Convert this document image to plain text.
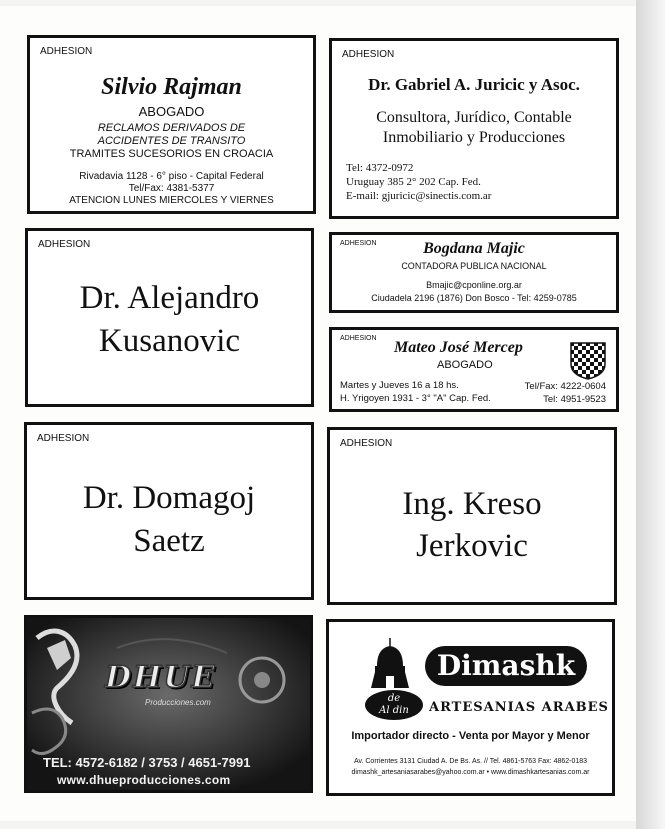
ADHESION
Silvio Rajman
ABOGADO
RECLAMOS DERIVADOS DE
ACCIDENTES DE TRANSITO
TRAMITES SUCESORIOS EN CROACIA
Rivadavia 1128 - 6° piso - Capital Federal
Tel/Fax: 4381-5377
ATENCION LUNES MIERCOLES Y VIERNES
ADHESION
Dr. Gabriel A. Juricic y Asoc.
Consultora, Jurídico, Contable
Inmobiliario y Producciones
Tel: 4372-0972
Uruguay 385 2° 202 Cap. Fed.
E-mail: gjuricic@sinectis.com.ar
ADHESION
Dr. Alejandro
Kusanovic
ADHESION	Bogdana Majic
CONTADORA PUBLICA NACIONAL
Bmajic@cponline.org.ar
Ciudadela 2196 (1876) Don Bosco - Tel: 4259-0785
ADHESION
Mateo José Mercep
ABOGADO
Martes y Jueves 16 a 18 hs.
H. Yrigoyen 1931 - 3° "A" Cap. Fed.
Tel/Fax: 4222-0604
Tel: 4951-9523
ADHESION
Dr. Domagoj
Saetz
ADHESION
Ing. Kreso
Jerkovic
DHUE
Producciones.com
TEL: 4572-6182 / 3753 / 4651-7991
www.dhueproducciones.com
Dimashk
de
Al din	ARTESANIAS ARABES
Importador directo - Venta por Mayor y Menor
Av. Corrientes 3131 Ciudad A. De Bs. As. // Tel. 4861-5763 Fax: 4862-0183
dimashk_artesaniasarabes@yahoo.com.ar • www.dimashkartesanias.com.ar
